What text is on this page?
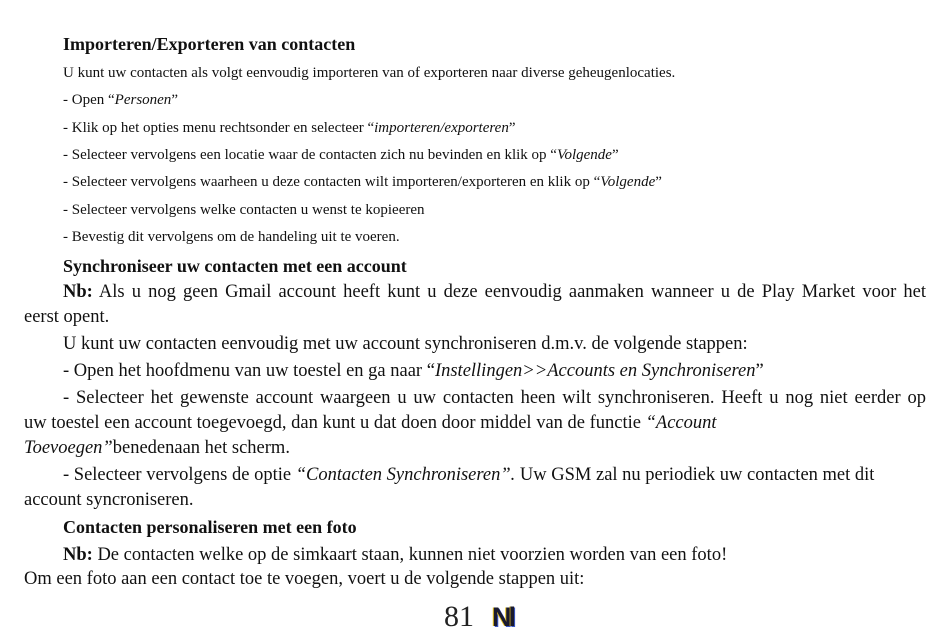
Importeren/Exporteren van contacten
U kunt uw contacten als volgt eenvoudig importeren van of exporteren naar diverse geheugenlocaties.
- Open “Personen”
- Klik op het opties menu rechtsonder en selecteer “importeren/exporteren”
- Selecteer vervolgens een locatie waar de contacten zich nu bevinden en klik op “Volgende”
- Selecteer vervolgens waarheen u deze contacten wilt importeren/exporteren en klik op “Volgende”
- Selecteer vervolgens welke contacten u wenst te kopieeren
- Bevestig dit vervolgens om de handeling uit te voeren.
Synchroniseer uw contacten met een account
Nb: Als u nog geen Gmail account heeft kunt u deze eenvoudig aanmaken wanneer u de Play Market voor het
eerst opent.
U kunt uw contacten eenvoudig met uw account synchroniseren d.m.v. de volgende stappen:
- Open het hoofdmenu van uw toestel en ga naar “Instellingen>>Accounts en Synchroniseren”
- Selecteer het gewenste account waargeen u uw contacten heen wilt synchroniseren. Heeft u nog niet eerder op
uw toestel een account toegevoegd, dan kunt u dat doen door middel van de functie “Account
Toevoegen”benedenaan het scherm.
- Selecteer vervolgens de optie “Contacten Synchroniseren”. Uw GSM zal nu periodiek uw contacten met dit
account syncroniseren.
Contacten personaliseren met een foto
Nb: De contacten welke op de simkaart staan, kunnen niet voorzien worden van een foto!
Om een foto aan een contact toe te voegen, voert u de volgende stappen uit:
81 Nl
